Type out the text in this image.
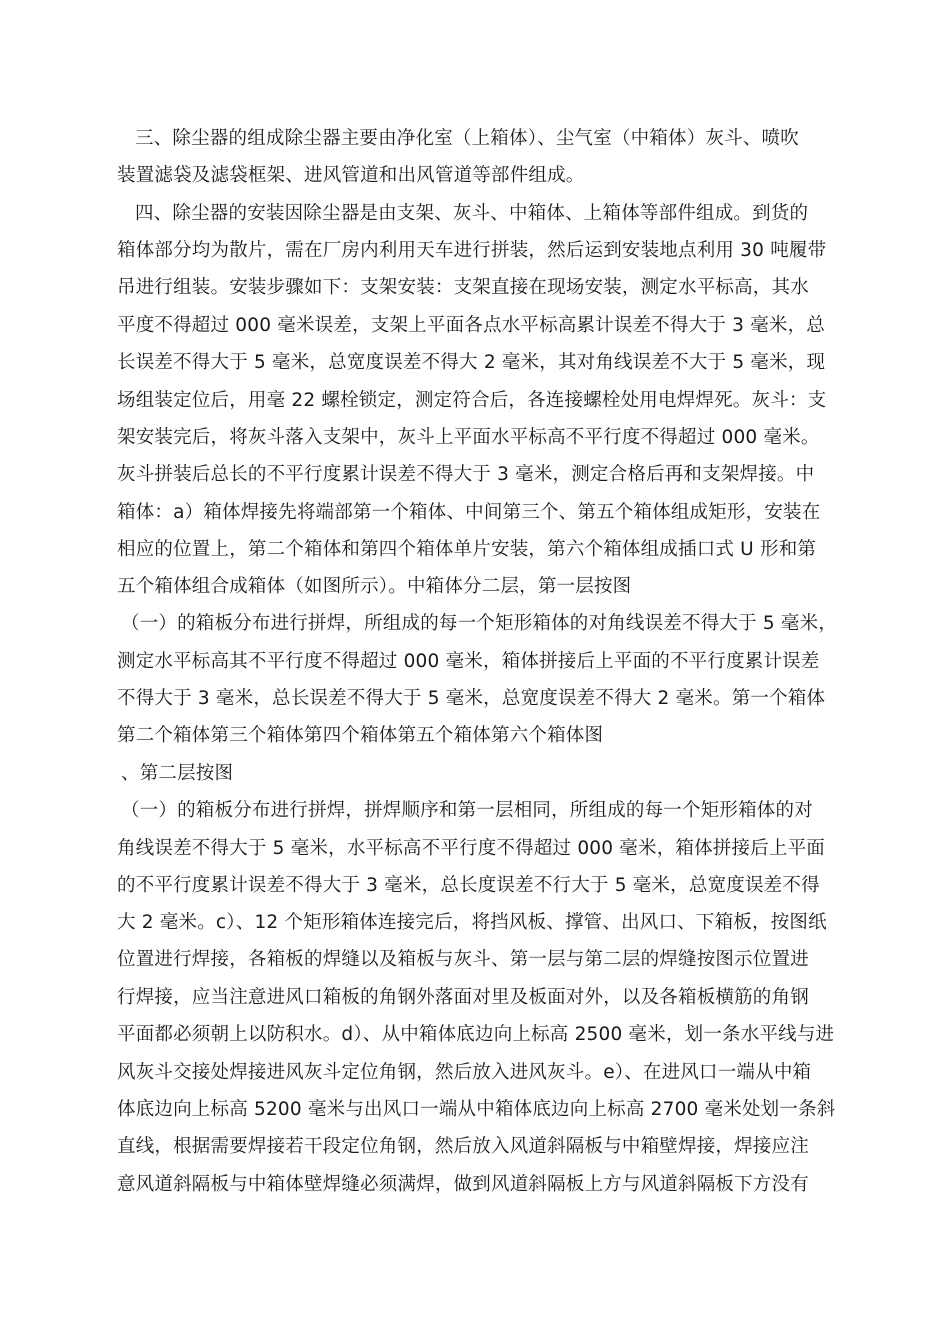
三、除尘器的组成除尘器主要由净化室（上箱体）、尘气室（中箱体）灰斗、喷吹

装置滤袋及滤袋框架、进风管道和出风管道等部件组成。

四、除尘器的安装因除尘器是由支架、灰斗、中箱体、上箱体等部件组成。到货的

箱体部分均为散片，需在厂房内利用天车进行拼装，然后运到安装地点利用 30 吨履带

吊进行组装。安装步骤如下：支架安装：支架直接在现场安装，测定水平标高，其水

平度不得超过 000 毫米误差，支架上平面各点水平标高累计误差不得大于 3 毫米，总

长误差不得大于 5 毫米，总宽度误差不得大 2 毫米，其对角线误差不大于 5 毫米，现

场组装定位后，用毫 22 螺栓锁定，测定符合后，各连接螺栓处用电焊焊死。灰斗：支

架安装完后，将灰斗落入支架中，灰斗上平面水平标高不平行度不得超过 000 毫米。

灰斗拼装后总长的不平行度累计误差不得大于 3 毫米，测定合格后再和支架焊接。中

箱体：a）箱体焊接先将端部第一个箱体、中间第三个、第五个箱体组成矩形，安装在

相应的位置上，第二个箱体和第四个箱体单片安装，第六个箱体组成插口式 U 形和第

五个箱体组合成箱体（如图所示）。中箱体分二层，第一层按图

（一）的箱板分布进行拼焊，所组成的每一个矩形箱体的对角线误差不得大于 5 毫米，

测定水平标高其不平行度不得超过 000 毫米，箱体拼接后上平面的不平行度累计误差

不得大于 3 毫米，总长误差不得大于 5 毫米，总宽度误差不得大 2 毫米。第一个箱体

第二个箱体第三个箱体第四个箱体第五个箱体第六个箱体图

、第二层按图

（一）的箱板分布进行拼焊，拼焊顺序和第一层相同，所组成的每一个矩形箱体的对

角线误差不得大于 5 毫米，水平标高不平行度不得超过 000 毫米，箱体拼接后上平面

的不平行度累计误差不得大于 3 毫米，总长度误差不行大于 5 毫米，总宽度误差不得

大 2 毫米。c）、12 个矩形箱体连接完后，将挡风板、撑管、出风口、下箱板，按图纸

位置进行焊接，各箱板的焊缝以及箱板与灰斗、第一层与第二层的焊缝按图示位置进

行焊接，应当注意进风口箱板的角钢外落面对里及板面对外，以及各箱板横筋的角钢

平面都必须朝上以防积水。d）、从中箱体底边向上标高 2500 毫米，划一条水平线与进

风灰斗交接处焊接进风灰斗定位角钢，然后放入进风灰斗。e）、在进风口一端从中箱

体底边向上标高 5200 毫米与出风口一端从中箱体底边向上标高 2700 毫米处划一条斜

直线，根据需要焊接若干段定位角钢，然后放入风道斜隔板与中箱壁焊接，焊接应注

意风道斜隔板与中箱体壁焊缝必须满焊，做到风道斜隔板上方与风道斜隔板下方没有
